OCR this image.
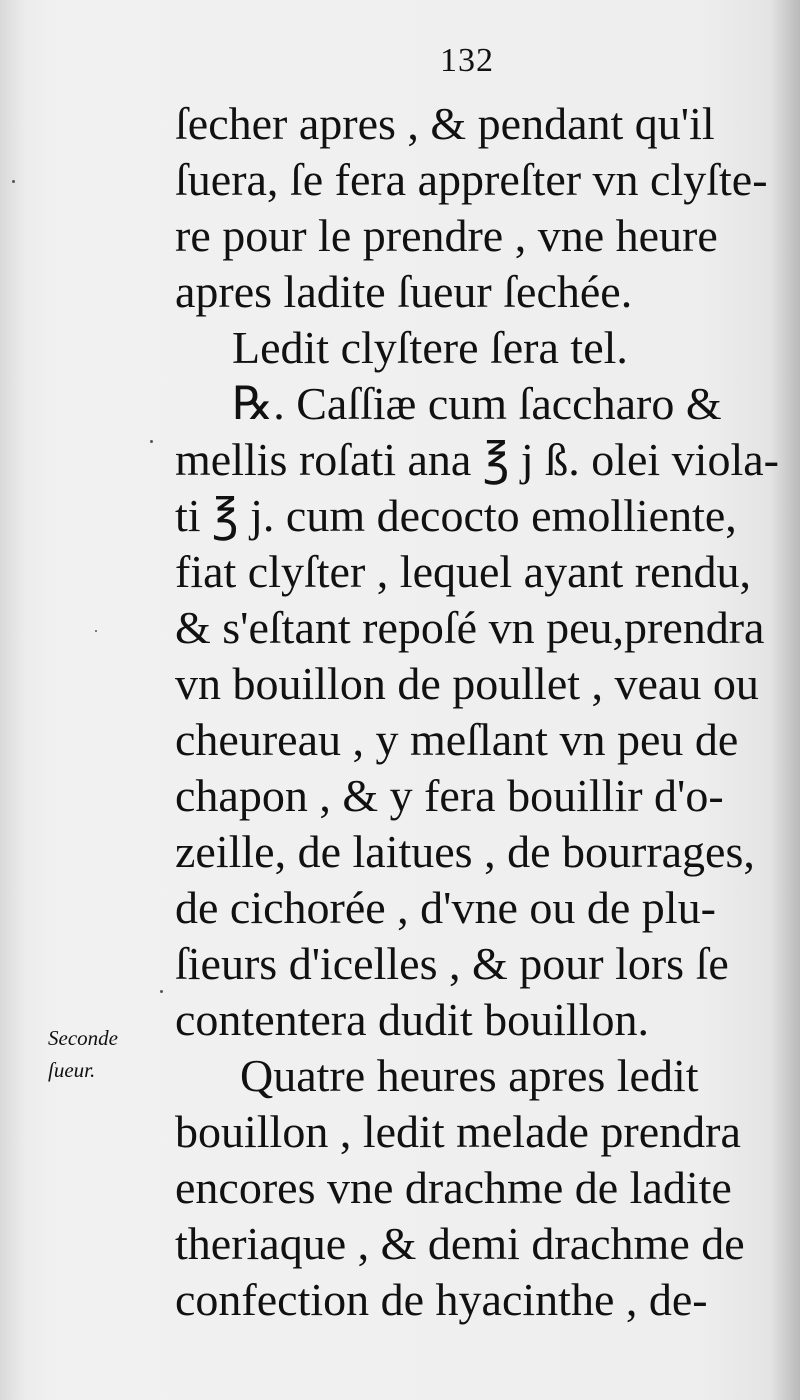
132
ſecher apres , & pendant qu'il
ſuera, ſe fera appreſter vn clyſte-
re pour le prendre , vne heure
apres ladite ſueur ſechée.
Ledit clyſtere ſera tel.
℞. Caſſiæ cum ſaccharo &
mellis roſati ana ℥ j ß. olei viola-
ti ℥ j. cum decocto emolliente,
fiat clyſter , lequel ayant rendu,
& s'eſtant repoſé vn peu,prendra
vn bouillon de poullet , veau ou
cheureau , y meſlant vn peu de
chapon , & y fera bouillir d'o-
zeille, de laitues , de bourrages,
de cichorée , d'vne ou de plu-
ſieurs d'icelles , & pour lors ſe
contentera dudit bouillon.
Quatre heures apres ledit
bouillon , ledit melade prendra
encores vne drachme de ladite
theriaque , & demi drachme de
confection de hyacinthe , de-
Seconde
ſueur.
